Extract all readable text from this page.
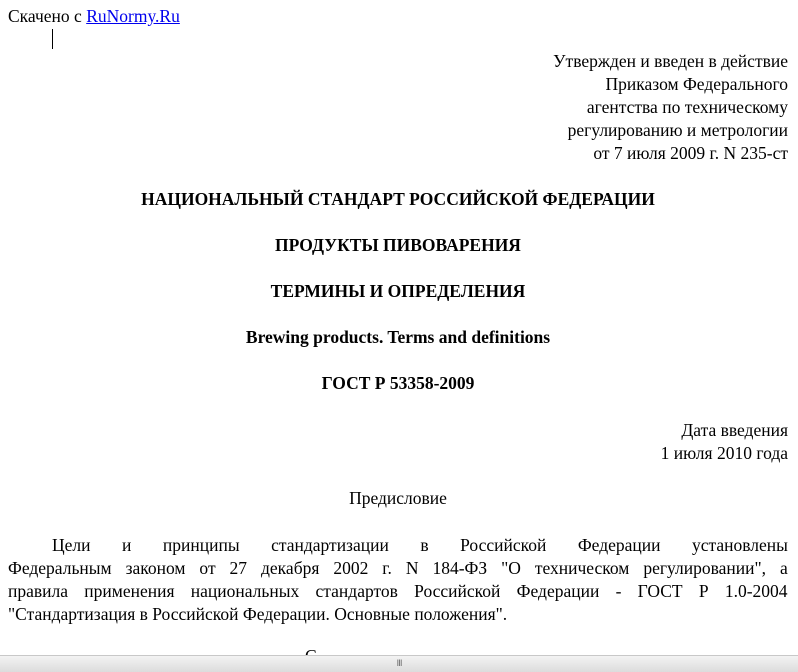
Скачено с RuNormy.Ru
Утвержден и введен в действие
Приказом Федерального
агентства по техническому
регулированию и метрологии
от 7 июля 2009 г. N 235-ст
НАЦИОНАЛЬНЫЙ СТАНДАРТ РОССИЙСКОЙ ФЕДЕРАЦИИ
ПРОДУКТЫ ПИВОВАРЕНИЯ
ТЕРМИНЫ И ОПРЕДЕЛЕНИЯ
Brewing products. Terms and definitions
ГОСТ Р 53358-2009
Дата введения
1 июля 2010 года
Предисловие
Цели и принципы стандартизации в Российской Федерации установлены
Федеральным законом от 27 декабря 2002 г. N 184-ФЗ "О техническом регулировании", а
правила применения национальных стандартов Российской Федерации - ГОСТ Р 1.0-2004
"Стандартизация в Российской Федерации. Основные положения".
III
